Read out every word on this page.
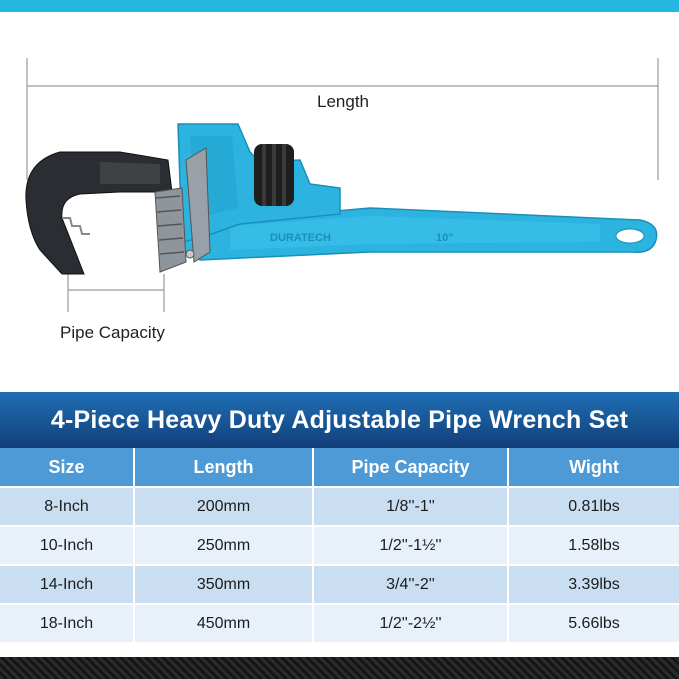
DURATECH	10"
Length
Pipe Capacity
4-Piece Heavy Duty Adjustable Pipe Wrench Set
Size	Length	Pipe Capacity	Wight
8-Inch	200mm	1/8''-1''	0.81lbs
10-Inch	250mm	1/2''-1½''	1.58lbs
14-Inch	350mm	3/4''-2''	3.39lbs
18-Inch	450mm	1/2''-2½''	5.66lbs
